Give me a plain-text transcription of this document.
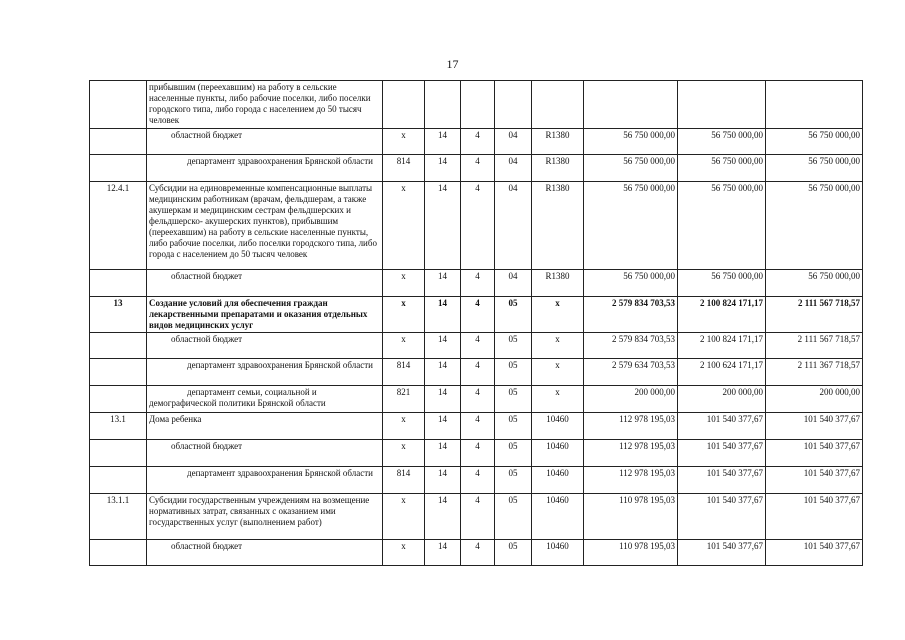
17
	прибывшим (переехавшим) на работу в сельские населенные пункты, либо рабочие поселки, либо поселки городского типа, либо города с населением до 50 тысяч человек								
	областной бюджет	х	14	4	04	R1380	56 750 000,00	56 750 000,00	56 750 000,00
	департамент здравоохранения Брянской области	814	14	4	04	R1380	56 750 000,00	56 750 000,00	56 750 000,00
12.4.1	Субсидии на единовременные компенсационные выплаты медицинским работникам (врачам, фельдшерам, а также акушеркам и медицинским сестрам фельдшерских и фельдшерско- акушерских пунктов), прибывшим (переехавшим) на работу в сельские населенные пункты, либо рабочие поселки, либо поселки городского типа, либо города с населением до 50 тысяч человек	х	14	4	04	R1380	56 750 000,00	56 750 000,00	56 750 000,00
	областной бюджет	х	14	4	04	R1380	56 750 000,00	56 750 000,00	56 750 000,00
13	Создание условий для обеспечения граждан лекарственными препаратами и оказания отдельных видов медицинских услуг	х	14	4	05	х	2 579 834 703,53	2 100 824 171,17	2 111 567 718,57
	областной бюджет	х	14	4	05	х	2 579 834 703,53	2 100 824 171,17	2 111 567 718,57
	департамент здравоохранения Брянской области	814	14	4	05	х	2 579 634 703,53	2 100 624 171,17	2 111 367 718,57
	департамент семьи, социальной и демографической политики Брянской области	821	14	4	05	х	200 000,00	200 000,00	200 000,00
13.1	Дома ребенка	х	14	4	05	10460	112 978 195,03	101 540 377,67	101 540 377,67
	областной бюджет	х	14	4	05	10460	112 978 195,03	101 540 377,67	101 540 377,67
	департамент здравоохранения Брянской области	814	14	4	05	10460	112 978 195,03	101 540 377,67	101 540 377,67
13.1.1	Субсидии государственным учреждениям на возмещение нормативных затрат, связанных с оказанием ими государственных услуг (выполнением работ)	х	14	4	05	10460	110 978 195,03	101 540 377,67	101 540 377,67
	областной бюджет	х	14	4	05	10460	110 978 195,03	101 540 377,67	101 540 377,67
